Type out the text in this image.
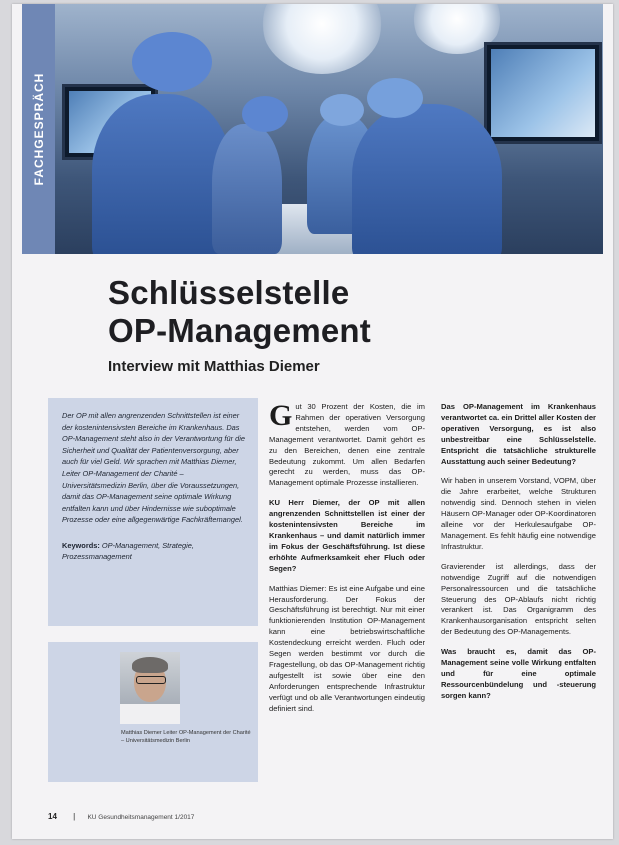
FACHGESPRÄCH
Schlüsselstelle
OP-Management
Interview mit Matthias Diemer

Der OP mit allen angrenzenden Schnittstellen ist einer der kostenintensivsten Bereiche im Krankenhaus. Das OP-Management steht also in der Verantwortung für die Sicherheit und Qualität der Patientenversorgung, aber auch für viel Geld. Wir sprachen mit Matthias Diemer, Leiter OP-Management der Charité – Universitätsmedizin Berlin, über die Voraussetzungen, damit das OP-Management seine optimale Wirkung entfalten kann und über Hindernisse wie suboptimale Prozesse oder eine allgegenwärtige Fachkräftemangel.

Keywords: OP-Management, Strategie, Prozessmanagement
Matthias Diemer Leiter OP-Management der Charité – Universitätsmedizin Berlin

Gut 30 Prozent der Kosten, die im Rahmen der operativen Versorgung entstehen, werden vom OP-Management verantwortet. Damit gehört es zu den Bereichen, denen eine zentrale Bedeutung zukommt. Um allen Bedarfen gerecht zu werden, muss das OP-Management optimale Prozesse installieren.

KU Herr Diemer, der OP mit allen angrenzenden Schnittstellen ist einer der kostenintensivsten Bereiche im Krankenhaus – und damit natürlich immer im Fokus der Geschäftsführung. Ist diese erhöhte Aufmerksamkeit eher Fluch oder Segen?

Matthias Diemer: Es ist eine Aufgabe und eine Herausforderung. Der Fokus der Geschäftsführung ist berechtigt. Nur mit einer funktionierenden Institution OP-Management kann eine betriebswirtschaftliche Kostendeckung erreicht werden. Fluch oder Segen werden bestimmt vor durch die Fragestellung, ob das OP-Management richtig aufgestellt ist sowie über eine den Anforderungen entsprechende Infrastruktur verfügt und ob alle Verantwortungen eindeutig definiert sind.

Das OP-Management im Krankenhaus verantwortet ca. ein Drittel aller Kosten der operativen Versorgung, es ist also unbestreitbar eine Schlüsselstelle. Entspricht die tatsächliche strukturelle Ausstattung auch seiner Bedeutung?

Wir haben in unserem Vorstand, VOPM, über die Jahre erarbeitet, welche Strukturen notwendig sind. Dennoch stehen in vielen Häusern OP-Manager oder OP-Koordinatoren alleine vor der Herkulesaufgabe OP-Management. Es fehlt häufig eine notwendige Infrastruktur.

Gravierender ist allerdings, dass der notwendige Zugriff auf die notwendigen Personalressourcen und die tatsächliche Steuerung des OP-Ablaufs nicht richtig verankert ist. Das Organigramm des Krankenhausorganisation entspricht selten der Bedeutung des OP-Managements.

Was braucht es, damit das OP-Management seine volle Wirkung entfalten und für eine optimale Ressourcenbündelung und -steuerung sorgen kann?

14 | KU Gesundheitsmanagement 1/2017
